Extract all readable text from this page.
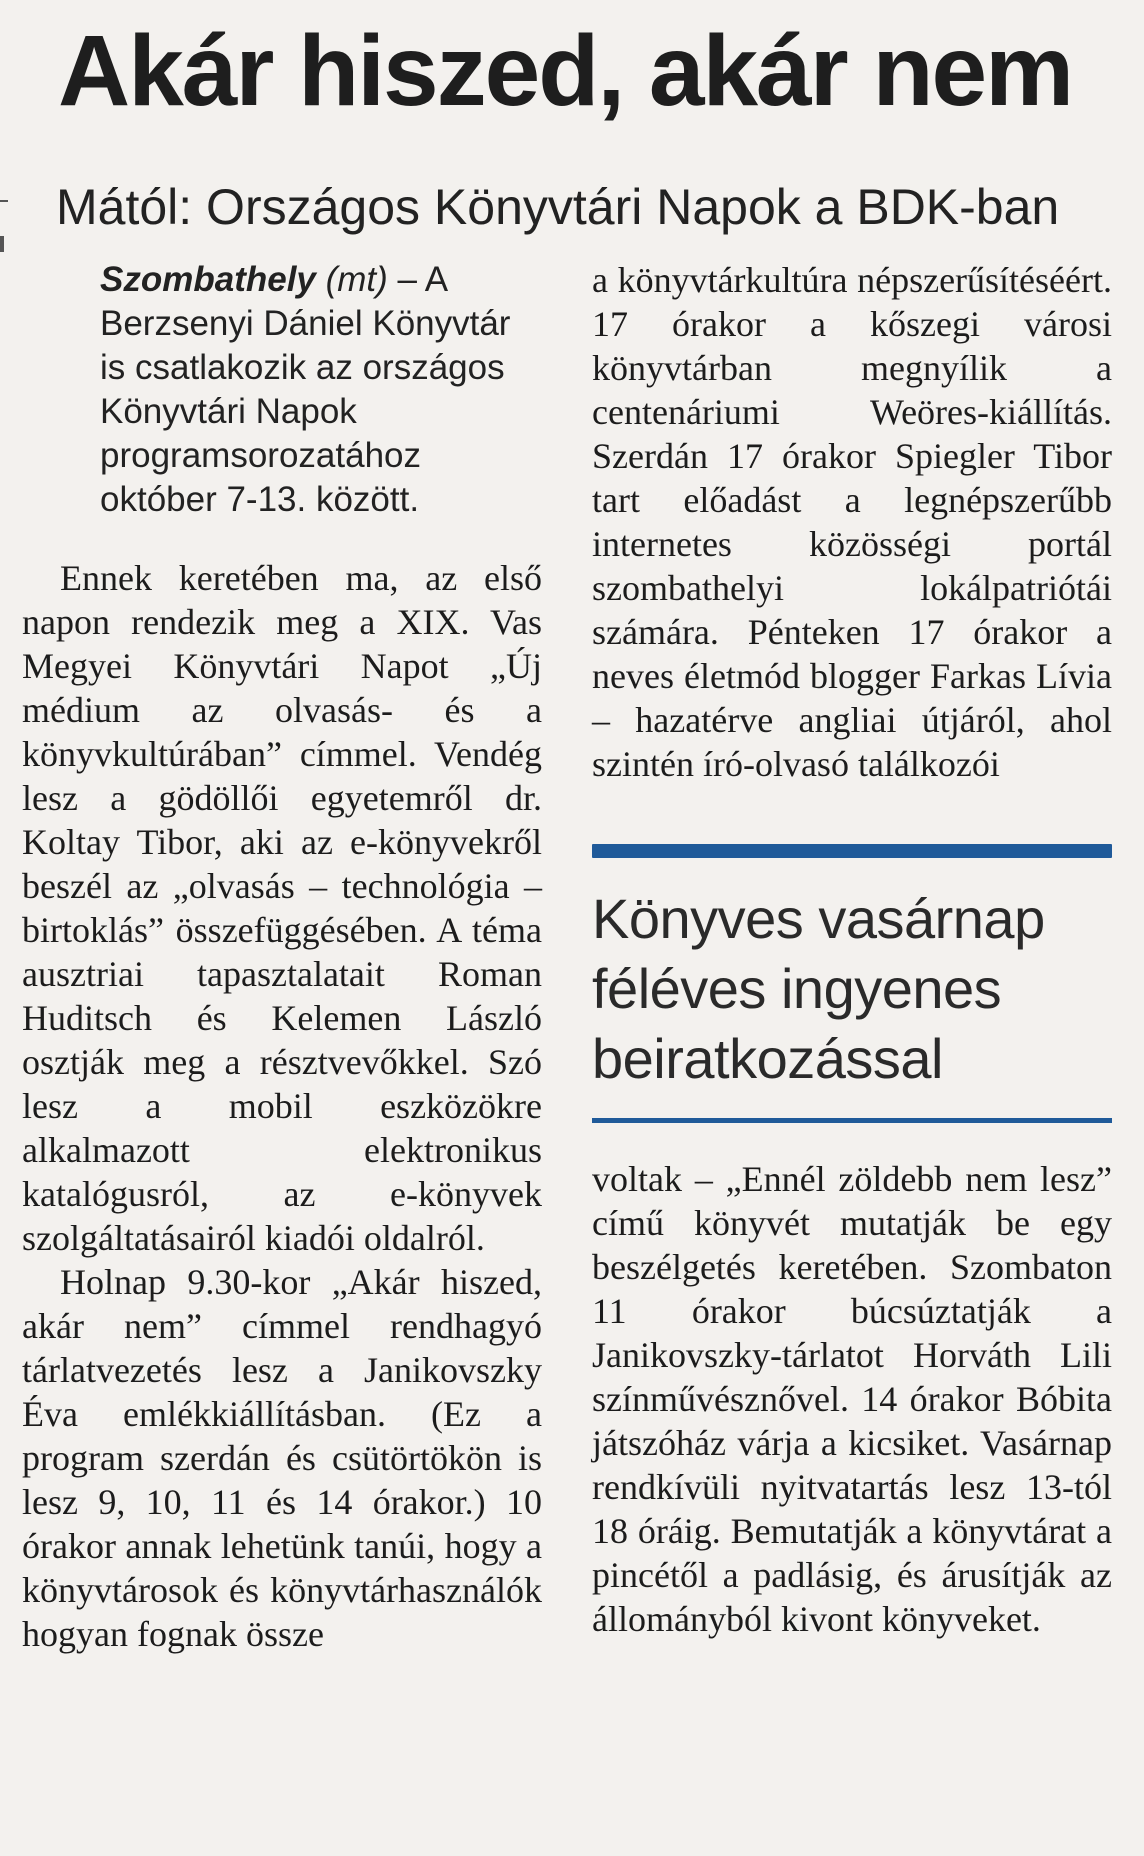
Akár hiszed, akár nem
Mától: Országos Könyvtári Napok a BDK-ban

Szombathely (mt) – A Berzsenyi Dániel Könyvtár is csatlakozik az országos Könyvtári Napok programsorozatához október 7-13. között.

Ennek keretében ma, az első napon rendezik meg a XIX. Vas Megyei Könyvtári Napot „Új médium az olvasás- és a könyvkultúrában” címmel. Vendég lesz a gödöllői egyetemről dr. Koltay Tibor, aki az e-könyvekről beszél az „olvasás – technológia – birtoklás” összefüggésében. A téma ausztriai tapasztalatait Roman Huditsch és Kelemen László osztják meg a résztvevőkkel. Szó lesz a mobil eszközökre alkalmazott elektronikus katalógusról, az e-könyvek szolgáltatásairól kiadói oldalról.

Holnap 9.30-kor „Akár hiszed, akár nem” címmel rendhagyó tárlatvezetés lesz a Janikovszky Éva emlékkiállításban. (Ez a program szerdán és csütörtökön is lesz 9, 10, 11 és 14 órakor.) 10 órakor annak lehetünk tanúi, hogy a könyvtárosok és könyvtárhasználók hogyan fognak össze

a könyvtárkultúra népszerűsítéséért. 17 órakor a kőszegi városi könyvtárban megnyílik a centenáriumi Weöres-kiállítás. Szerdán 17 órakor Spiegler Tibor tart előadást a legnépszerűbb internetes közösségi portál szombathelyi lokálpatriótái számára. Pénteken 17 órakor a neves életmód blogger Farkas Lívia – hazatérve angliai útjáról, ahol szintén író-olvasó találkozói

Könyves vasárnap

féléves ingyenes

beiratkozással

voltak – „Ennél zöldebb nem lesz” című könyvét mutatják be egy beszélgetés keretében. Szombaton 11 órakor búcsúztatják a Janikovszky-tárlatot Horváth Lili színművésznővel. 14 órakor Bóbita játszóház várja a kicsiket. Vasárnap rendkívüli nyitvatartás lesz 13-tól 18 óráig. Bemutatják a könyvtárat a pincétől a padlásig, és árusítják az állományból kivont könyveket.
